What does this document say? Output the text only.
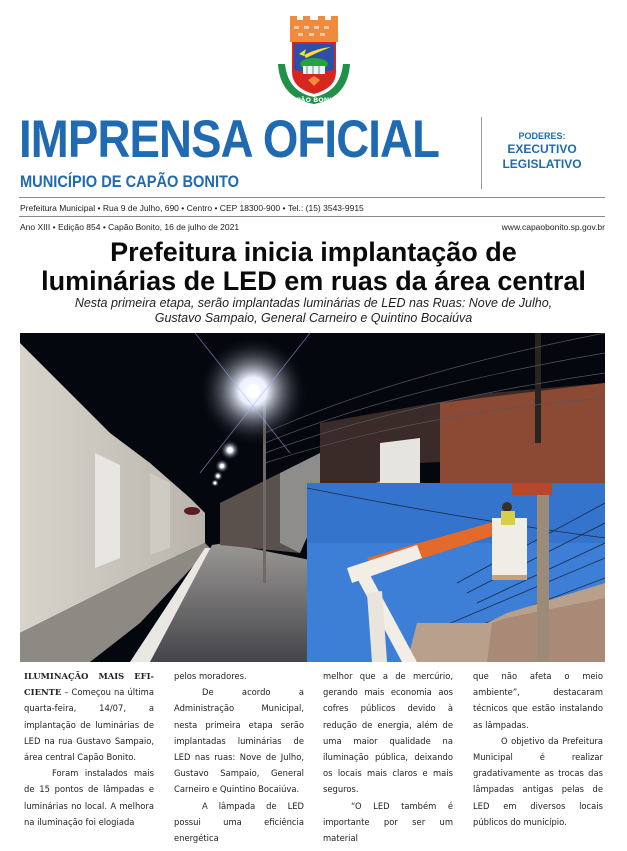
CAPÃO BONITO
IMPRENSA OFICIAL
MUNICÍPIO DE CAPÃO BONITO
PODERES:
EXECUTIVO
LEGISLATIVO
Prefeitura Municipal • Rua 9 de Julho, 690 • Centro • CEP 18300-900 • Tel.: (15) 3543-9915
Ano XIII • Edição 854 • Capão Bonito, 16 de julho de 2021	www.capaobonito.sp.gov.br
Prefeitura inicia implantação de
luminárias de LED em ruas da área central
Nesta primeira etapa, serão implantadas luminárias de LED nas Ruas: Nove de Julho,
Gustavo Sampaio, General Carneiro e Quintino Bocaiúva

ILUMINAÇÃO MAIS EFI-CIENTE – Começou na última quarta-feira, 14/07, a implantação de luminárias de LED na rua Gustavo Sampaio, área central Capão Bonito.

Foram instalados mais de 15 pontos de lâmpadas e luminárias no local. A melhora na iluminação foi elogiada

pelos moradores.

De acordo a Administração Municipal, nesta primeira etapa serão implantadas luminárias de LED nas ruas: Nove de Julho, Gustavo Sampaio, General Carneiro e Quintino Bocaiúva.

A lâmpada de LED possui uma eficiência energética

melhor que a de mercúrio, gerando mais economia aos cofres públicos devido à redução de energia, além de uma maior qualidade na iluminação pública, deixando os locais mais claros e mais seguros.

“O LED também é importante por ser um material

que não afeta o meio ambiente”, destacaram técnicos que estão instalando as lâmpadas.

O objetivo da Prefeitura Municipal é realizar gradativamente as trocas das lâmpadas antigas pelas de LED em diversos locais públicos do município.
